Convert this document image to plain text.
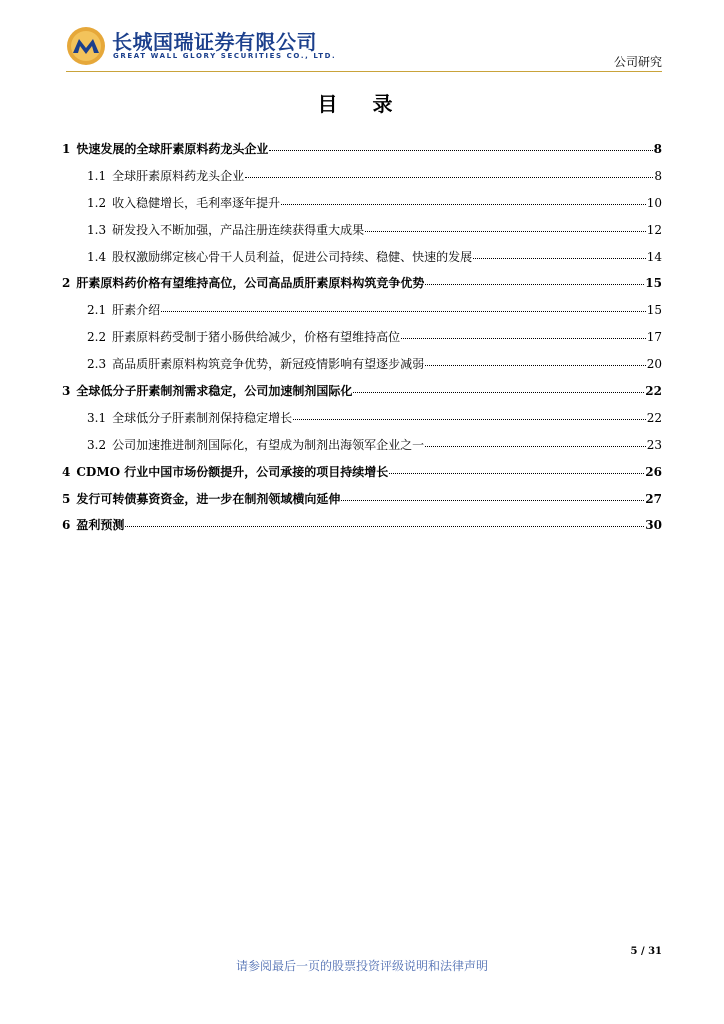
长城国瑞证券有限公司
GREAT WALL GLORY SECURITIES CO., LTD.	公司研究
目 录
1 快速发展的全球肝素原料药龙头企业	8
1.1 全球肝素原料药龙头企业	8
1.2 收入稳健增长，毛利率逐年提升	10
1.3 研发投入不断加强，产品注册连续获得重大成果	12
1.4 股权激励绑定核心骨干人员利益，促进公司持续、稳健、快速的发展	14
2 肝素原料药价格有望维持高位，公司高品质肝素原料构筑竞争优势	15
2.1 肝素介绍	15
2.2 肝素原料药受制于猪小肠供给减少，价格有望维持高位	17
2.3 高品质肝素原料构筑竞争优势，新冠疫情影响有望逐步减弱	20
3 全球低分子肝素制剂需求稳定，公司加速制剂国际化	22
3.1 全球低分子肝素制剂保持稳定增长	22
3.2 公司加速推进制剂国际化，有望成为制剂出海领军企业之一	23
4 CDMO 行业中国市场份额提升，公司承接的项目持续增长	26
5 发行可转债募资资金，进一步在制剂领域横向延伸	27
6 盈利预测	30
5 / 31
请参阅最后一页的股票投资评级说明和法律声明
